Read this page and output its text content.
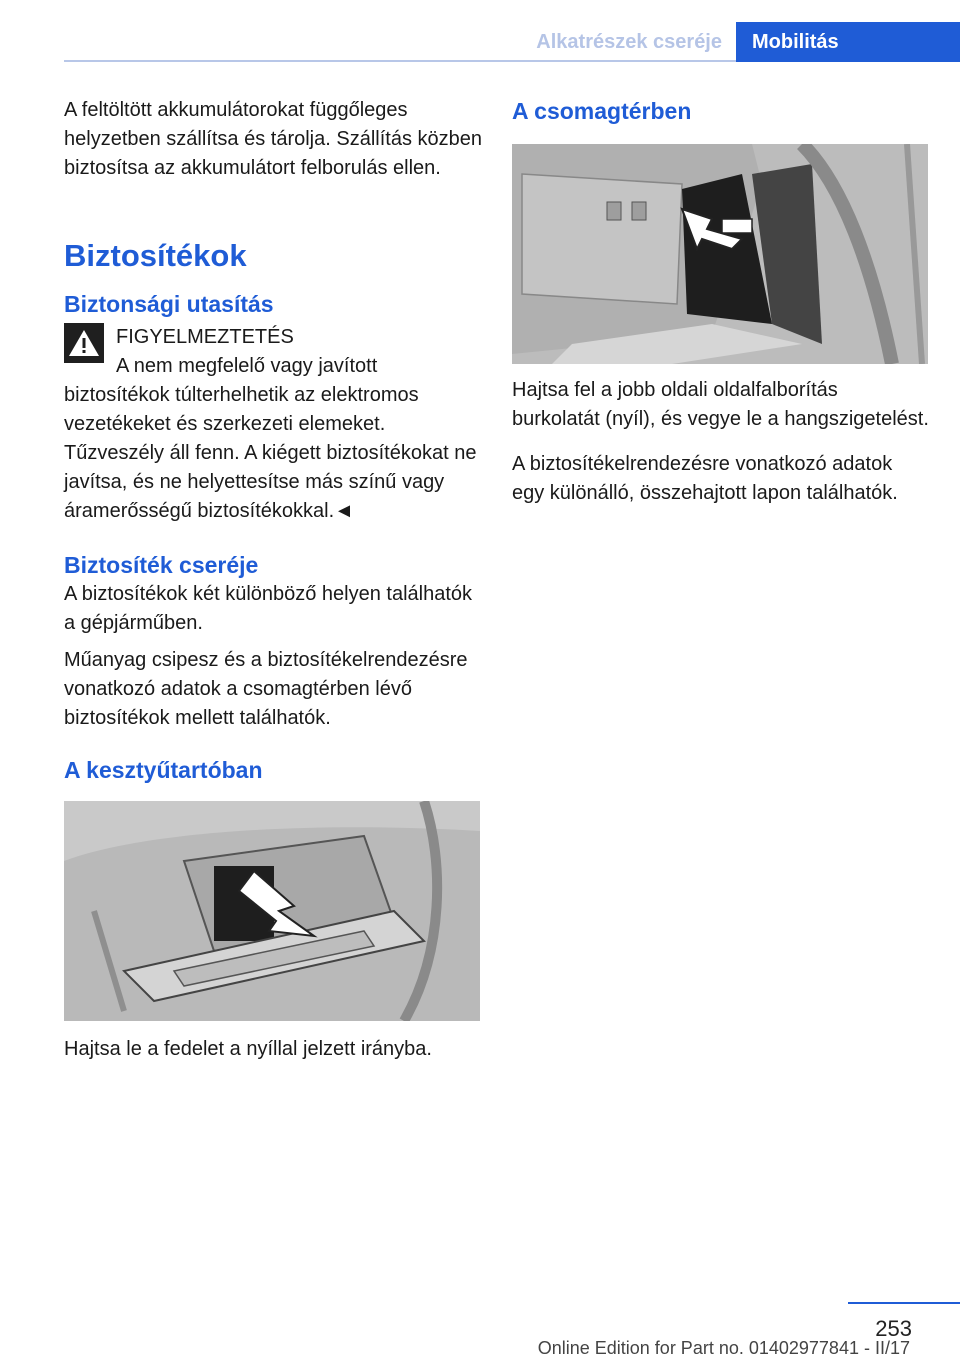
Alkatrészek cseréje	Mobilitás

A feltöltött akkumulátorokat függőleges helyzetben szállítsa és tárolja. Szállítás közben biztosítsa az akkumulátort felborulás ellen.

Biztosítékok
Biztonsági utasítás
FIGYELMEZTETÉS

A nem megfelelő vagy javított biztosítékok túlterhelhetik az elektromos vezetékeket és szerkezeti elemeket. Tűzveszély áll fenn. A kiégett biztosítékokat ne javítsa, és ne helyettesítse más színű vagy áramerősségű biztosítékokkal.◄

Biztosíték cseréje

A biztosítékok két különböző helyen találhatók a gépjárműben.

Műanyag csipesz és a biztosítékelrendezésre vonatkozó adatok a csomagtérben lévő biztosítékok mellett találhatók.

A kesztyűtartóban

Hajtsa le a fedelet a nyíllal jelzett irányba.

A csomagtérben

Hajtsa fel a jobb oldali oldalfalborítás burkolatát (nyíl), és vegye le a hangszigetelést.

A biztosítékelrendezésre vonatkozó adatok egy különálló, összehajtott lapon találhatók.

253
Online Edition for Part no. 01402977841 - II/17
